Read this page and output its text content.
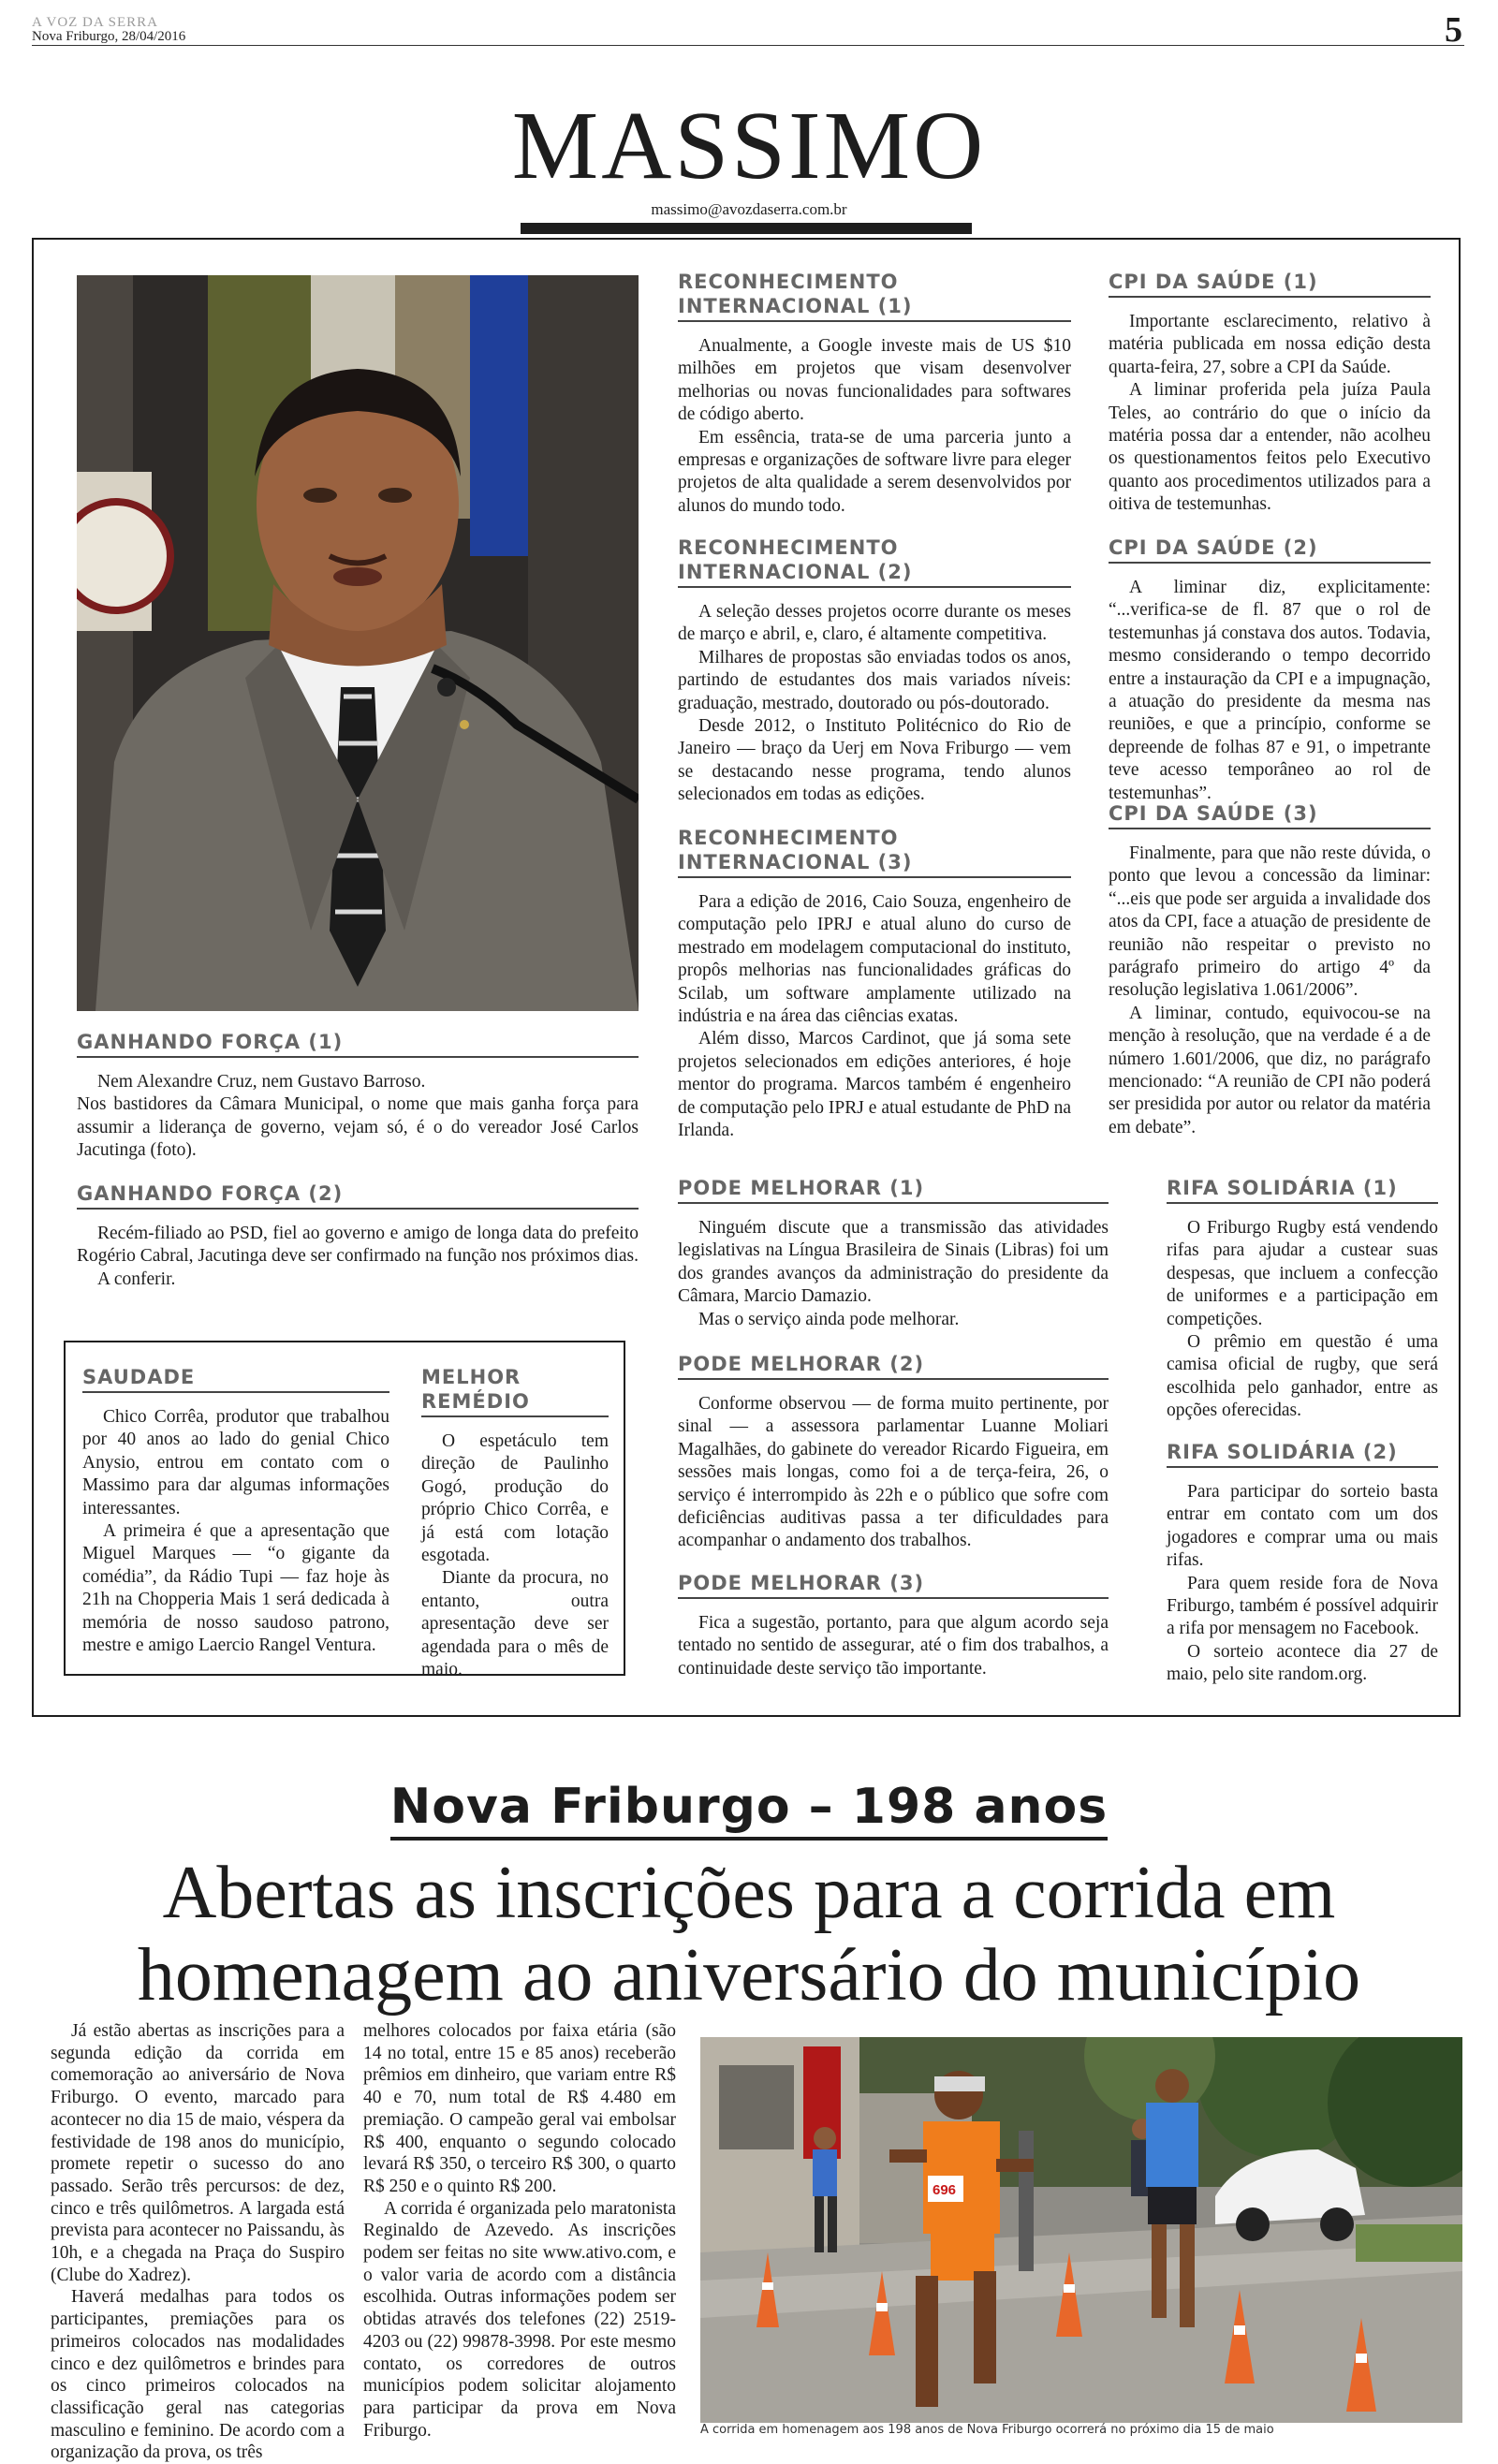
A VOZ DA SERRA
Nova Friburgo, 28/04/2016	5
MASSIMO
massimo@avozdaserra.com.br
GANHANDO FORÇA (1)

Nem Alexandre Cruz, nem Gustavo Barroso.

Nos bastidores da Câmara Municipal, o nome que mais ganha força para assumir a liderança de governo, vejam só, é o do vereador José Carlos Jacutinga (foto).

GANHANDO FORÇA (2)

Recém-filiado ao PSD, fiel ao governo e amigo de longa data do prefeito Rogério Cabral, Jacutinga deve ser confirmado na função nos próximos dias.

A conferir.

SAUDADE

Chico Corrêa, produtor que trabalhou por 40 anos ao lado do genial Chico Anysio, entrou em contato com o Massimo para dar algumas informações interessantes.

A primeira é que a apresentação que Miguel Marques — “o gigante da comédia”, da Rádio Tupi — faz hoje às 21h na Chopperia Mais 1 será dedicada à memória de nosso saudoso patrono, mestre e amigo Laercio Rangel Ventura.

MELHOR REMÉDIO

O espetáculo tem direção de Paulinho Gogó, produção do próprio Chico Corrêa, e já está com lotação esgotada.

Diante da procura, no entanto, outra apresentação deve ser agendada para o mês de maio.

RECONHECIMENTO INTERNACIONAL (1)

Anualmente, a Google investe mais de US $10 milhões em projetos que visam desenvolver melhorias ou novas funcionalidades para softwares de código aberto.

Em essência, trata-se de uma parceria junto a empresas e organizações de software livre para eleger projetos de alta qualidade a serem desenvolvidos por alunos do mundo todo.

RECONHECIMENTO INTERNACIONAL (2)

A seleção desses projetos ocorre durante os meses de março e abril, e, claro, é altamente competitiva.

Milhares de propostas são enviadas todos os anos, partindo de estudantes dos mais variados níveis: graduação, mestrado, doutorado ou pós-doutorado.

Desde 2012, o Instituto Politécnico do Rio de Janeiro — braço da Uerj em Nova Friburgo — vem se destacando nesse programa, tendo alunos selecionados em todas as edições.

RECONHECIMENTO INTERNACIONAL (3)

Para a edição de 2016, Caio Souza, engenheiro de computação pelo IPRJ e atual aluno do curso de mestrado em modelagem computacional do instituto, propôs melhorias nas funcionalidades gráficas do Scilab, um software amplamente utilizado na indústria e na área das ciências exatas.

Além disso, Marcos Cardinot, que já soma sete projetos selecionados em edições anteriores, é hoje mentor do programa. Marcos também é engenheiro de computação pelo IPRJ e atual estudante de PhD na Irlanda.

CPI DA SAÚDE (1)

Importante esclarecimento, relativo à matéria publicada em nossa edição desta quarta-feira, 27, sobre a CPI da Saúde.

A liminar proferida pela juíza Paula Teles, ao contrário do que o início da matéria possa dar a entender, não acolheu os questionamentos feitos pelo Executivo quanto aos procedimentos utilizados para a oitiva de testemunhas.

CPI DA SAÚDE (2)

A liminar diz, explicitamente: “...verifica-se de fl. 87 que o rol de testemunhas já constava dos autos. Todavia, mesmo considerando o tempo decorrido entre a instauração da CPI e a impugnação, a atuação do presidente da mesma nas reuniões, e que a princípio, conforme se depreende de folhas 87 e 91, o impetrante teve acesso temporâneo ao rol de testemunhas”.

CPI DA SAÚDE (3)

Finalmente, para que não reste dúvida, o ponto que levou a concessão da liminar: “...eis que pode ser arguida a invalidade dos atos da CPI, face a atuação de presidente de reunião não respeitar o previsto no parágrafo primeiro do artigo 4º da resolução legislativa 1.061/2006”.

A liminar, contudo, equivocou-se na menção à resolução, que na verdade é a de número 1.601/2006, que diz, no parágrafo mencionado: “A reunião de CPI não poderá ser presidida por autor ou relator da matéria em debate”.

PODE MELHORAR (1)

Ninguém discute que a transmissão das atividades legislativas na Língua Brasileira de Sinais (Libras) foi um dos grandes avanços da administração do presidente da Câmara, Marcio Damazio.

Mas o serviço ainda pode melhorar.

PODE MELHORAR (2)

Conforme observou — de forma muito pertinente, por sinal — a assessora parlamentar Luanne Moliari Magalhães, do gabinete do vereador Ricardo Figueira, em sessões mais longas, como foi a de terça-feira, 26, o serviço é interrompido às 22h e o público que sofre com deficiências auditivas passa a ter dificuldades para acompanhar o andamento dos trabalhos.

PODE MELHORAR (3)

Fica a sugestão, portanto, para que algum acordo seja tentado no sentido de assegurar, até o fim dos trabalhos, a continuidade deste serviço tão importante.

RIFA SOLIDÁRIA (1)

O Friburgo Rugby está vendendo rifas para ajudar a custear suas despesas, que incluem a confecção de uniformes e a participação em competições.

O prêmio em questão é uma camisa oficial de rugby, que será escolhida pelo ganhador, entre as opções oferecidas.

RIFA SOLIDÁRIA (2)

Para participar do sorteio basta entrar em contato com um dos jogadores e comprar uma ou mais rifas.

Para quem reside fora de Nova Friburgo, também é possível adquirir a rifa por mensagem no Facebook.

O sorteio acontece dia 27 de maio, pelo site random.org.

Nova Friburgo – 198 anos
Abertas as inscrições para a corrida em homenagem ao aniversário do município

Já estão abertas as inscrições para a segunda edição da corrida em comemoração ao aniversário de Nova Friburgo. O evento, marcado para acontecer no dia 15 de maio, véspera da festividade de 198 anos do município, promete repetir o sucesso do ano passado. Serão três percursos: de dez, cinco e três quilômetros. A largada está prevista para acontecer no Paissandu, às 10h, e a chegada na Praça do Suspiro (Clube do Xadrez).

Haverá medalhas para todos os participantes, premiações para os primeiros colocados nas modalidades cinco e dez quilômetros e brindes para os cinco primeiros colocados na classificação geral nas categorias masculino e feminino. De acordo com a organização da prova, os três

melhores colocados por faixa etária (são 14 no total, entre 15 e 85 anos) receberão prêmios em dinheiro, que variam entre R$ 40 e 70, num total de R$ 4.480 em premiação. O campeão geral vai embolsar R$ 400, enquanto o segundo colocado levará R$ 350, o terceiro R$ 300, o quarto R$ 250 e o quinto R$ 200.

A corrida é organizada pelo maratonista Reginaldo de Azevedo. As inscrições podem ser feitas no site www.ativo.com, e o valor varia de acordo com a distância escolhida. Outras informações podem ser obtidas através dos telefones (22) 2519-4203 ou (22) 99878-3998. Por este mesmo contato, os corredores de outros municípios podem solicitar alojamento para participar da prova em Nova Friburgo.

696
A corrida em homenagem aos 198 anos de Nova Friburgo ocorrerá no próximo dia 15 de maio
